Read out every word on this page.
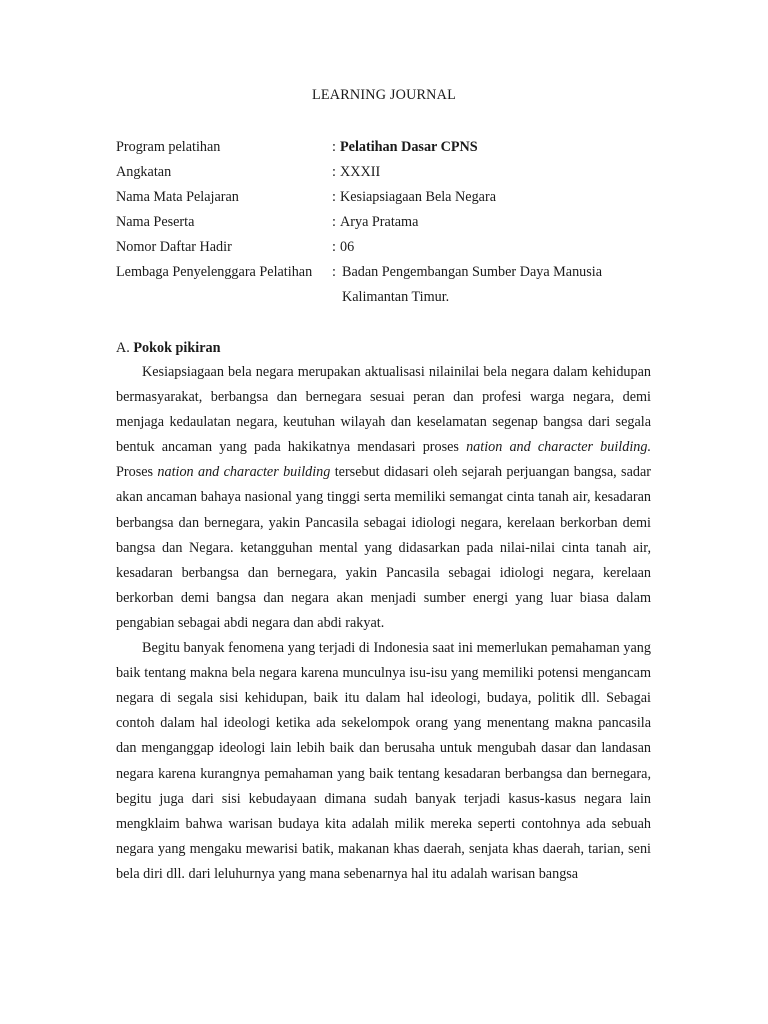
LEARNING JOURNAL
Program pelatihan	: Pelatihan Dasar CPNS
Angkatan	: XXXII
Nama Mata Pelajaran	: Kesiapsiagaan Bela Negara
Nama Peserta	: Arya Pratama
Nomor Daftar Hadir	: 06
Lembaga Penyelenggara Pelatihan	: Badan Pengembangan Sumber Daya Manusia Kalimantan Timur.
A. Pokok pikiran

Kesiapsiagaan bela negara merupakan aktualisasi nilainilai bela negara dalam kehidupan bermasyarakat, berbangsa dan bernegara sesuai peran dan profesi warga negara, demi menjaga kedaulatan negara, keutuhan wilayah dan keselamatan segenap bangsa dari segala bentuk ancaman yang pada hakikatnya mendasari proses nation and character building. Proses nation and character building tersebut didasari oleh sejarah perjuangan bangsa, sadar akan ancaman bahaya nasional yang tinggi serta memiliki semangat cinta tanah air, kesadaran berbangsa dan bernegara, yakin Pancasila sebagai idiologi negara, kerelaan berkorban demi bangsa dan Negara. ketangguhan mental yang didasarkan pada nilai-nilai cinta tanah air, kesadaran berbangsa dan bernegara, yakin Pancasila sebagai idiologi negara, kerelaan berkorban demi bangsa dan negara akan menjadi sumber energi yang luar biasa dalam pengabian sebagai abdi negara dan abdi rakyat.

Begitu banyak fenomena yang terjadi di Indonesia saat ini memerlukan pemahaman yang baik tentang makna bela negara karena munculnya isu-isu yang memiliki potensi mengancam negara di segala sisi kehidupan, baik itu dalam hal ideologi, budaya, politik dll. Sebagai contoh dalam hal ideologi ketika ada sekelompok orang yang menentang makna pancasila dan menganggap ideologi lain lebih baik dan berusaha untuk mengubah dasar dan landasan negara karena kurangnya pemahaman yang baik tentang kesadaran berbangsa dan bernegara, begitu juga dari sisi kebudayaan dimana sudah banyak terjadi kasus-kasus negara lain mengklaim bahwa warisan budaya kita adalah milik mereka seperti contohnya ada sebuah negara yang mengaku mewarisi batik, makanan khas daerah, senjata khas daerah, tarian, seni bela diri dll. dari leluhurnya yang mana sebenarnya hal itu adalah warisan bangsa
